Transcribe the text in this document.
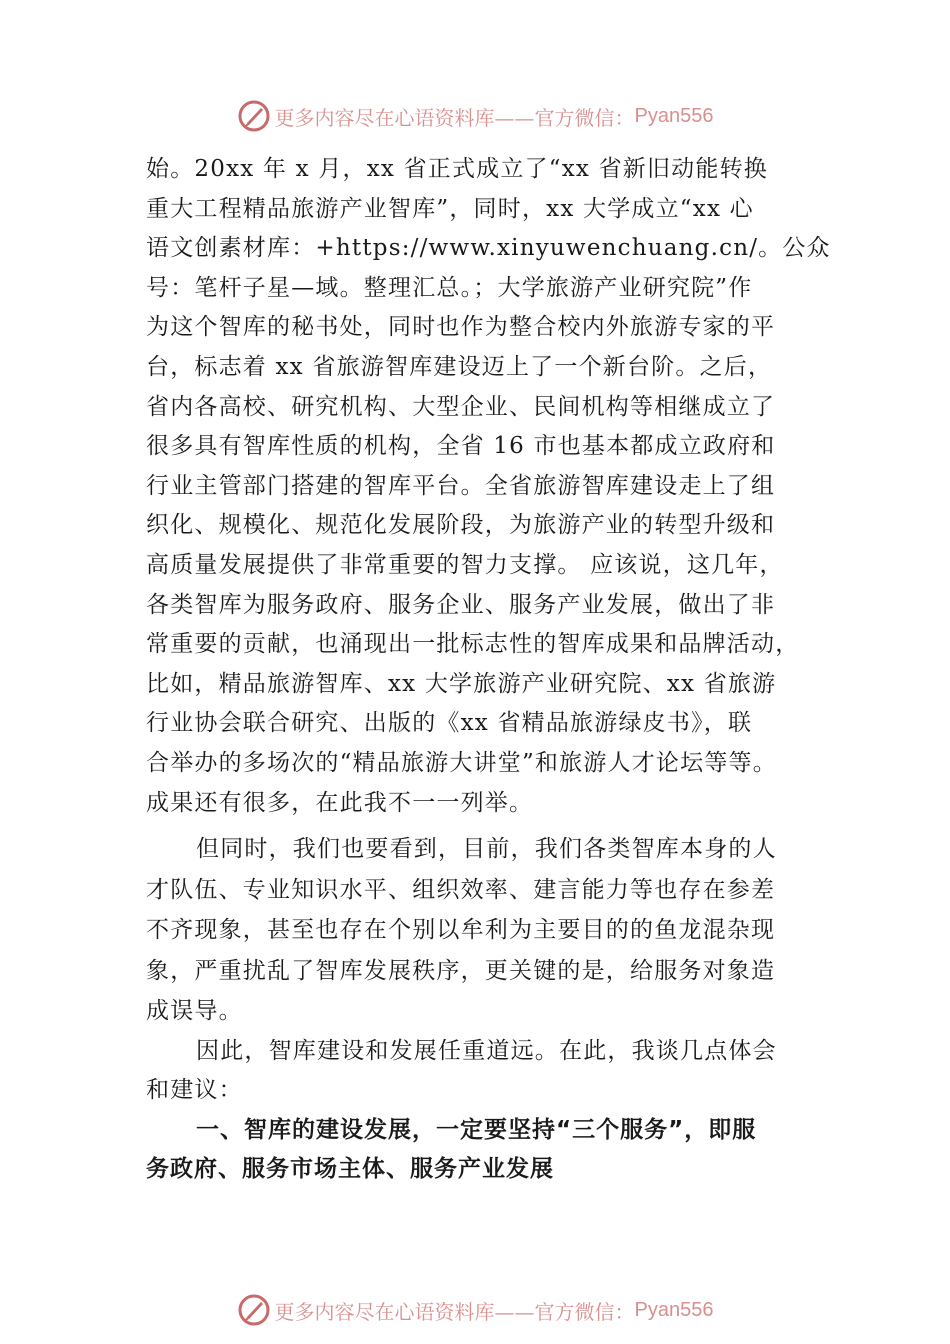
更多内容尽在心语资料库——官方微信： Pyan556

始。20xx 年 x 月，xx 省正式成立了“xx 省新旧动能转换
重大工程精品旅游产业智库”，同时，xx 大学成立“xx 心
语文创素材库：+https://www.xinyuwenchuang.cn/。公众
号：笔杆子星—域。整理汇总。；大学旅游产业研究院”作
为这个智库的秘书处，同时也作为整合校内外旅游专家的平
台，标志着 xx 省旅游智库建设迈上了一个新台阶。之后，
省内各高校、研究机构、大型企业、民间机构等相继成立了
很多具有智库性质的机构，全省 16 市也基本都成立政府和
行业主管部门搭建的智库平台。全省旅游智库建设走上了组
织化、规模化、规范化发展阶段，为旅游产业的转型升级和
高质量发展提供了非常重要的智力支撑。 应该说，这几年，
各类智库为服务政府、服务企业、服务产业发展，做出了非
常重要的贡献，也涌现出一批标志性的智库成果和品牌活动，
比如，精品旅游智库、xx 大学旅游产业研究院、xx 省旅游
行业协会联合研究、出版的《xx 省精品旅游绿皮书》，联
合举办的多场次的“精品旅游大讲堂”和旅游人才论坛等等。
成果还有很多，在此我不一一列举。

但同时，我们也要看到，目前，我们各类智库本身的人
才队伍、专业知识水平、组织效率、建言能力等也存在参差
不齐现象，甚至也存在个别以牟利为主要目的的鱼龙混杂现
象，严重扰乱了智库发展秩序，更关键的是，给服务对象造
成误导。

因此，智库建设和发展任重道远。在此，我谈几点体会
和建议：

一、智库的建设发展，一定要坚持“三个服务”，即服
务政府、服务市场主体、服务产业发展

更多内容尽在心语资料库——官方微信： Pyan556
